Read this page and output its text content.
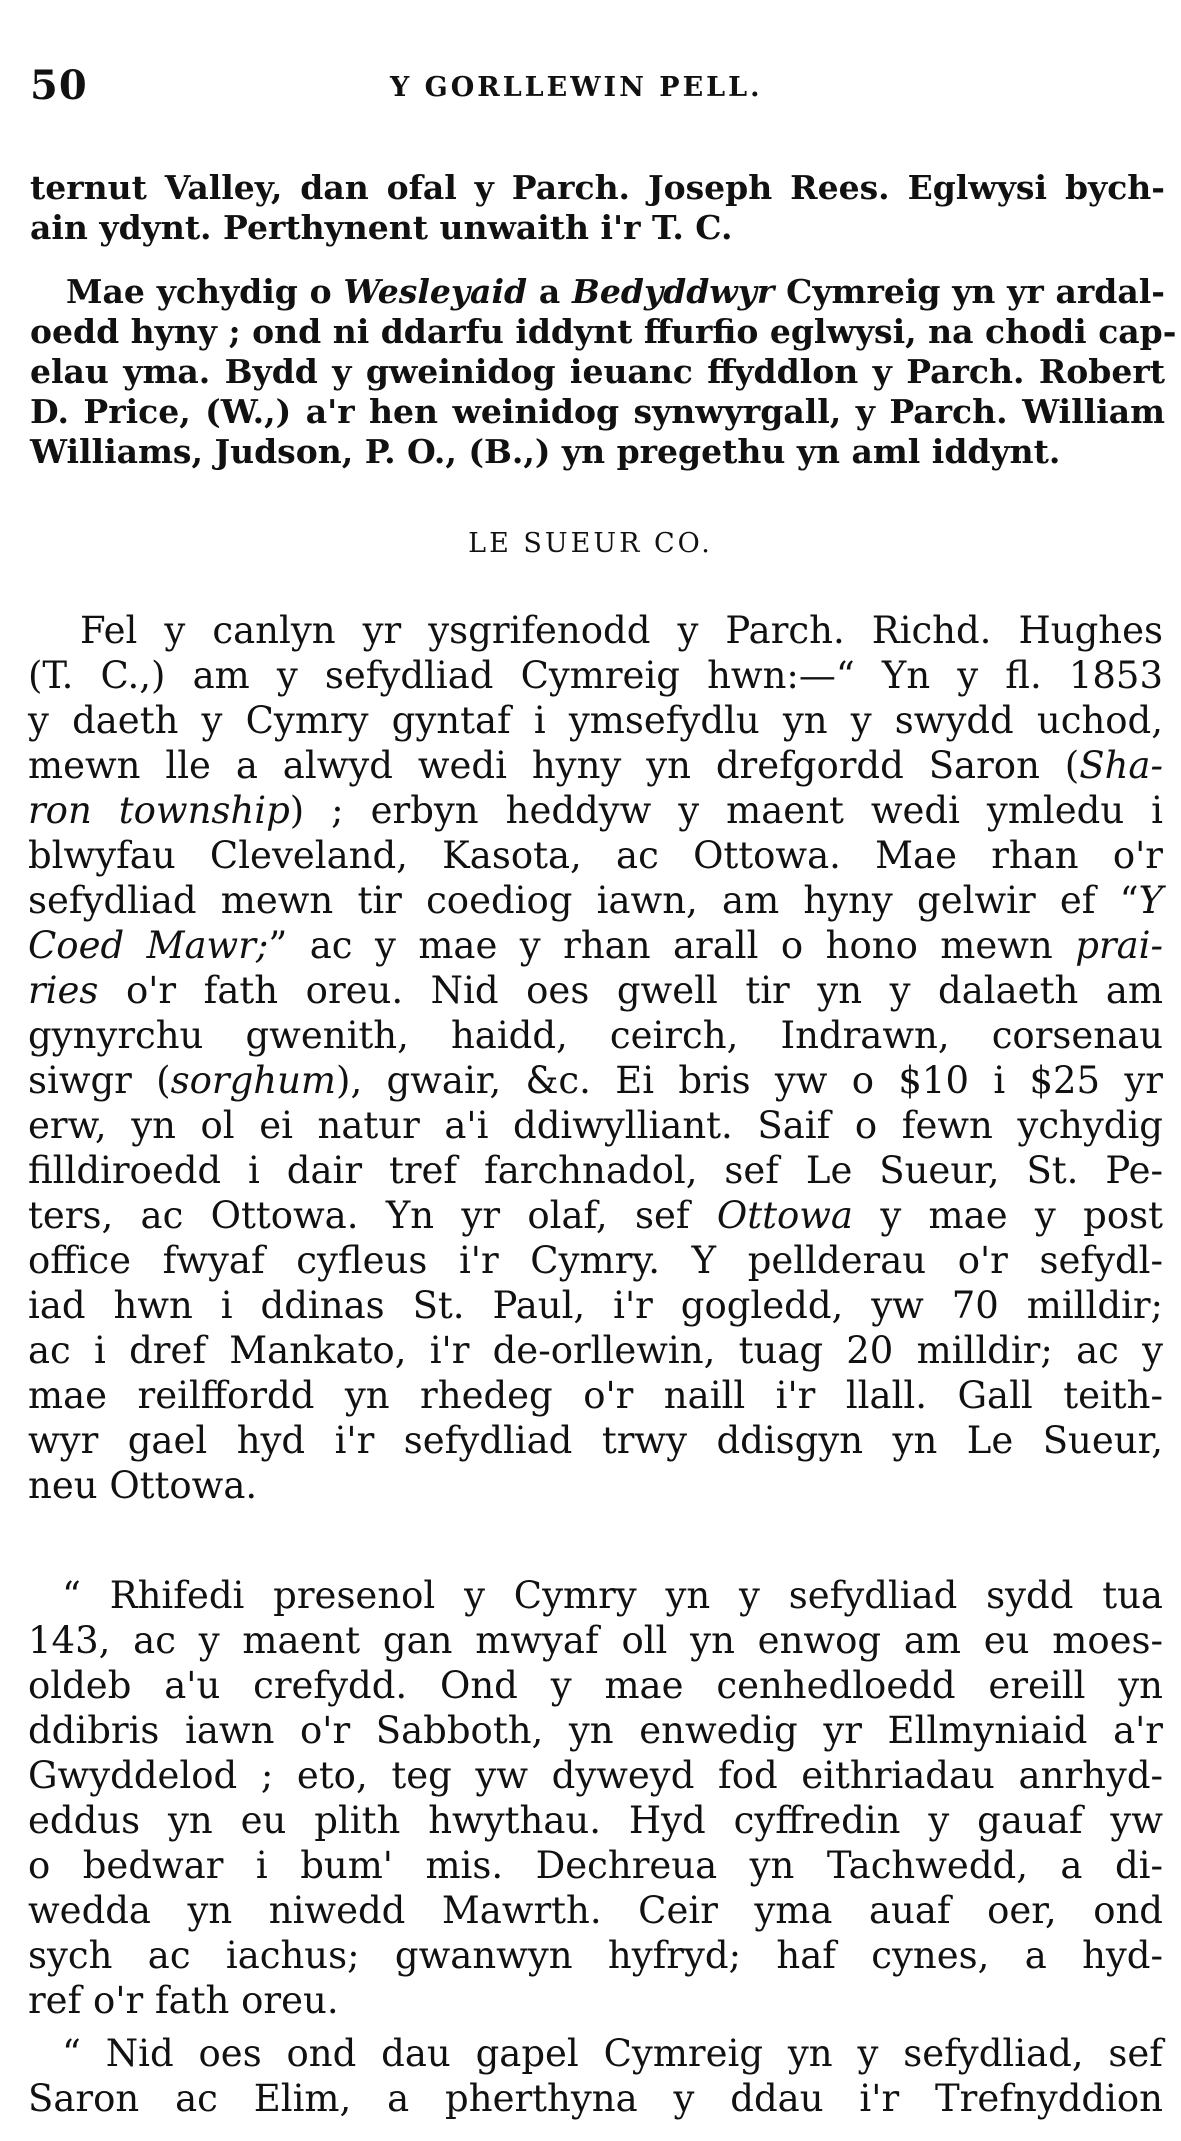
50	Y GORLLEWIN PELL.
ternut Valley, dan ofal y Parch. Joseph Rees. Eglwysi bych-
ain ydynt. Perthynent unwaith i'r T. C.
Mae ychydig o Wesleyaid a Bedyddwyr Cymreig yn yr ardal-
oedd hyny ; ond ni ddarfu iddynt ffurfio eglwysi, na chodi cap-
elau yma. Bydd y gweinidog ieuanc ffyddlon y Parch. Robert
D. Price, (W.,) a'r hen weinidog synwyrgall, y Parch. William
Williams, Judson, P. O., (B.,) yn pregethu yn aml iddynt.
LE SUEUR CO.
Fel y canlyn yr ysgrifenodd y Parch. Richd. Hughes
(T. C.,) am y sefydliad Cymreig hwn:—“ Yn y fl. 1853
y daeth y Cymry gyntaf i ymsefydlu yn y swydd uchod,
mewn lle a alwyd wedi hyny yn drefgordd Saron (Sha-
ron township) ; erbyn heddyw y maent wedi ymledu i
blwyfau Cleveland, Kasota, ac Ottowa. Mae rhan o'r
sefydliad mewn tir coediog iawn, am hyny gelwir ef “Y
Coed Mawr;” ac y mae y rhan arall o hono mewn prai-
ries o'r fath oreu. Nid oes gwell tir yn y dalaeth am
gynyrchu gwenith, haidd, ceirch, Indrawn, corsenau
siwgr (sorghum), gwair, &c. Ei bris yw o $10 i $25 yr
erw, yn ol ei natur a'i ddiwylliant. Saif o fewn ychydig
filldiroedd i dair tref farchnadol, sef Le Sueur, St. Pe-
ters, ac Ottowa. Yn yr olaf, sef Ottowa y mae y post
office fwyaf cyfleus i'r Cymry. Y pellderau o'r sefydl-
iad hwn i ddinas St. Paul, i'r gogledd, yw 70 milldir;
ac i dref Mankato, i'r de-orllewin, tuag 20 milldir; ac y
mae reilffordd yn rhedeg o'r naill i'r llall. Gall teith-
wyr gael hyd i'r sefydliad trwy ddisgyn yn Le Sueur,
neu Ottowa.
“ Rhifedi presenol y Cymry yn y sefydliad sydd tua
143, ac y maent gan mwyaf oll yn enwog am eu moes-
oldeb a'u crefydd. Ond y mae cenhedloedd ereill yn
ddibris iawn o'r Sabboth, yn enwedig yr Ellmyniaid a'r
Gwyddelod ; eto, teg yw dyweyd fod eithriadau anrhyd-
eddus yn eu plith hwythau. Hyd cyffredin y gauaf yw
o bedwar i bum' mis. Dechreua yn Tachwedd, a di-
wedda yn niwedd Mawrth. Ceir yma auaf oer, ond
sych ac iachus; gwanwyn hyfryd; haf cynes, a hyd-
ref o'r fath oreu.
“ Nid oes ond dau gapel Cymreig yn y sefydliad, sef
Saron ac Elim, a pherthyna y ddau i'r Trefnyddion
